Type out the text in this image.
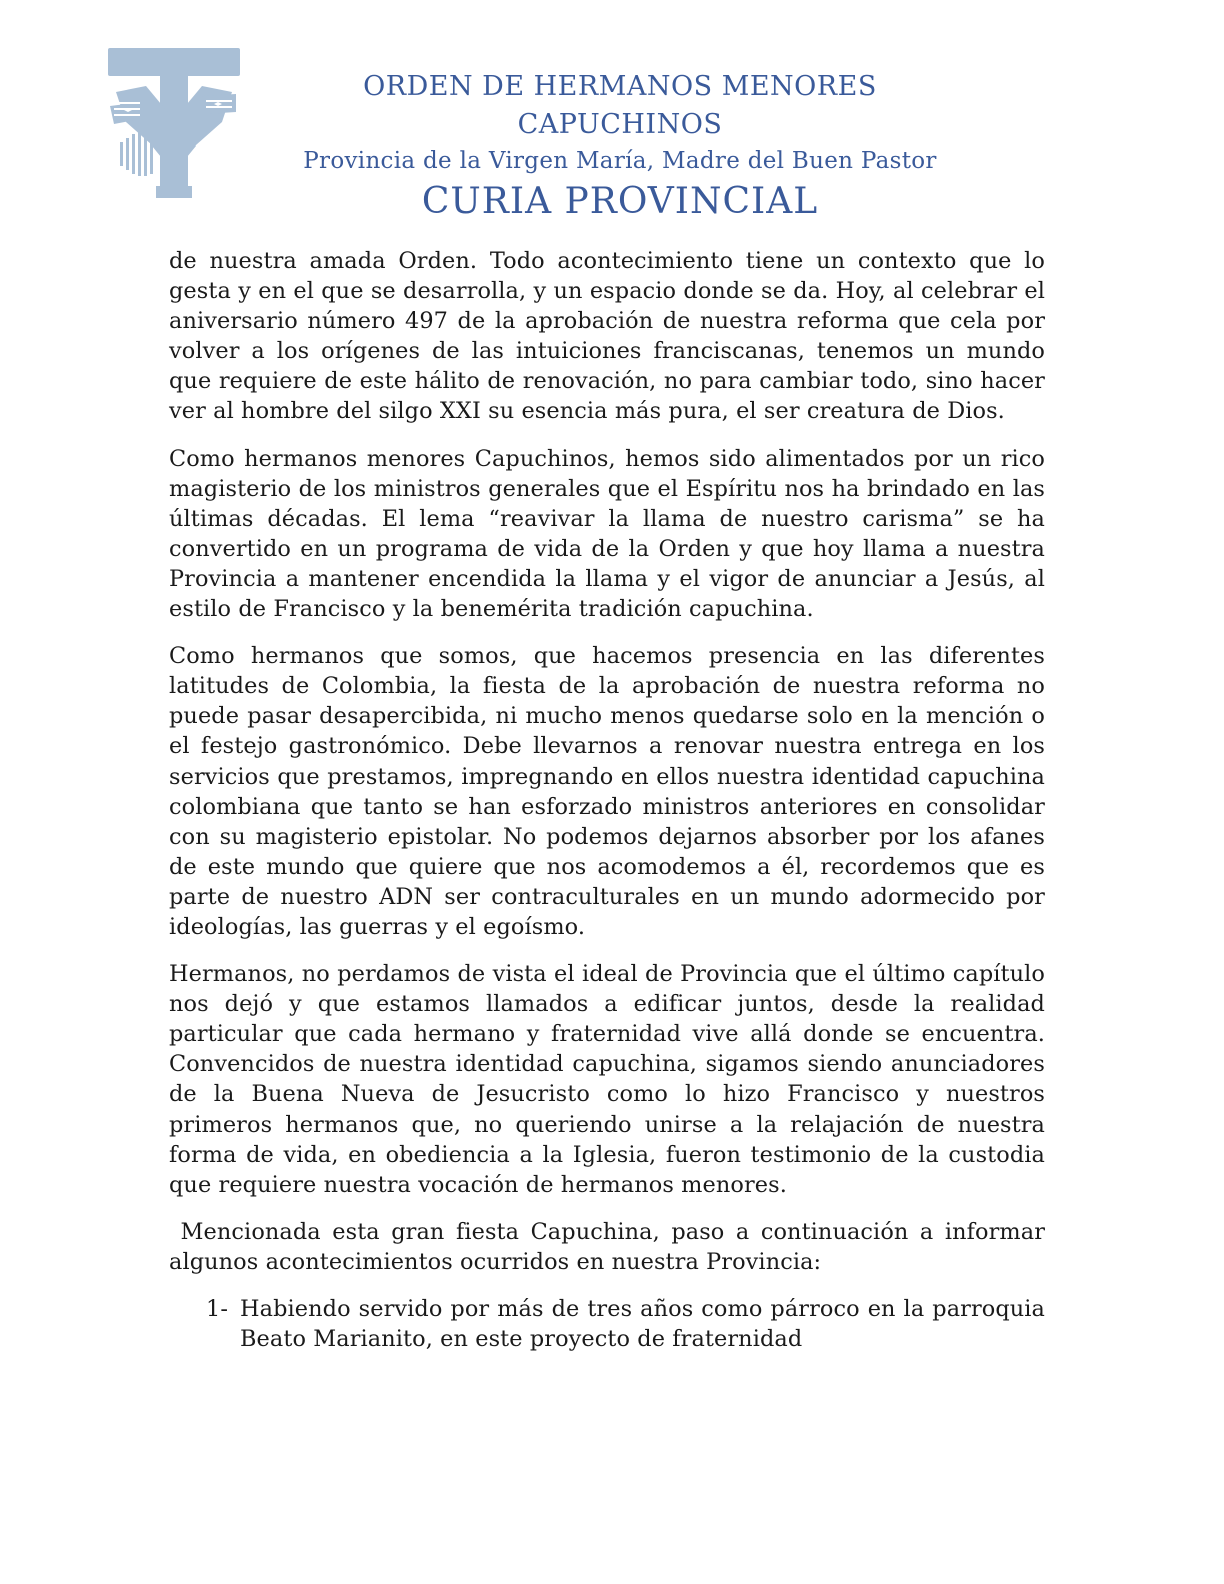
ORDEN DE HERMANOS MENORES CAPUCHINOS
Provincia de la Virgen María, Madre del Buen Pastor
CURIA PROVINCIAL

de nuestra amada Orden. Todo acontecimiento tiene un contexto que lo gesta y en el que se desarrolla, y un espacio donde se da. Hoy, al celebrar el aniversario número 497 de la aprobación de nuestra reforma que cela por volver a los orígenes de las intuiciones franciscanas, tenemos un mundo que requiere de este hálito de renovación, no para cambiar todo, sino hacer ver al hombre del silgo XXI su esencia más pura, el ser creatura de Dios.

Como hermanos menores Capuchinos, hemos sido alimentados por un rico magisterio de los ministros generales que el Espíritu nos ha brindado en las últimas décadas. El lema “reavivar la llama de nuestro carisma” se ha convertido en un programa de vida de la Orden y que hoy llama a nuestra Provincia a mantener encendida la llama y el vigor de anunciar a Jesús, al estilo de Francisco y la benemérita tradición capuchina.

Como hermanos que somos, que hacemos presencia en las diferentes latitudes de Colombia, la fiesta de la aprobación de nuestra reforma no puede pasar desapercibida, ni mucho menos quedarse solo en la mención o el festejo gastronómico. Debe llevarnos a renovar nuestra entrega en los servicios que prestamos, impregnando en ellos nuestra identidad capuchina colombiana que tanto se han esforzado ministros anteriores en consolidar con su magisterio epistolar. No podemos dejarnos absorber por los afanes de este mundo que quiere que nos acomodemos a él, recordemos que es parte de nuestro ADN ser contraculturales en un mundo adormecido por ideologías, las guerras y el egoísmo.

Hermanos, no perdamos de vista el ideal de Provincia que el último capítulo nos dejó y que estamos llamados a edificar juntos, desde la realidad particular que cada hermano y fraternidad vive allá donde se encuentra. Convencidos de nuestra identidad capuchina, sigamos siendo anunciadores de la Buena Nueva de Jesucristo como lo hizo Francisco y nuestros primeros hermanos que, no queriendo unirse a la relajación de nuestra forma de vida, en obediencia a la Iglesia, fueron testimonio de la custodia que requiere nuestra vocación de hermanos menores.

Mencionada esta gran fiesta Capuchina, paso a continuación a informar algunos acontecimientos ocurridos en nuestra Provincia:

1- Habiendo servido por más de tres años como párroco en la parroquia Beato Marianito, en este proyecto de fraternidad
